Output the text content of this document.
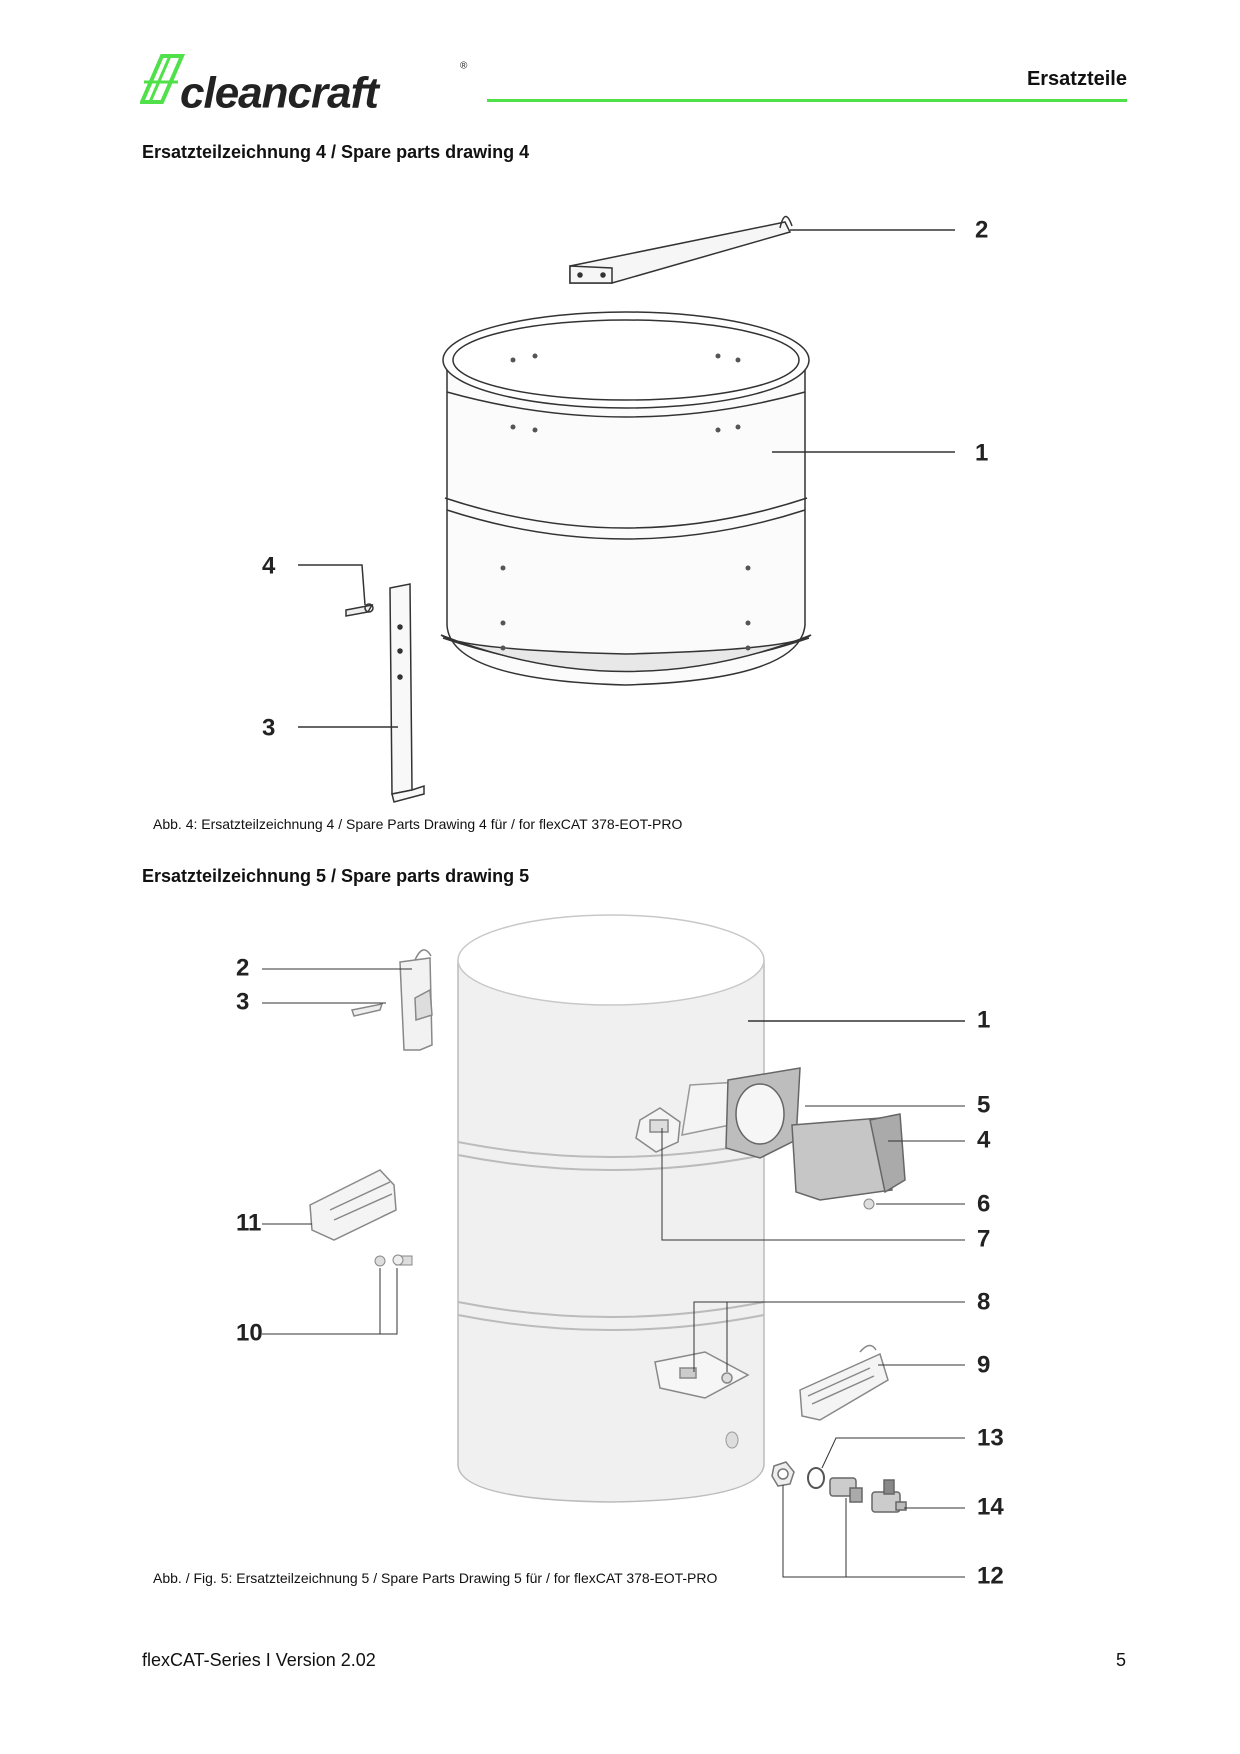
cleancraft
®
Ersatzteile
Ersatzteilzeichnung 4 / Spare parts drawing 4
2
1
4
3
Abb. 4: Ersatzteilzeichnung 4 / Spare Parts Drawing 4 für / for flexCAT 378-EOT-PRO
Ersatzteilzeichnung 5 / Spare parts drawing 5
1
2
3
5
4
6
7
8
9
11
10
13
14
12
Abb. / Fig. 5: Ersatzteilzeichnung 5 / Spare Parts Drawing 5 für / for flexCAT 378-EOT-PRO
flexCAT-Series I Version 2.02	5
